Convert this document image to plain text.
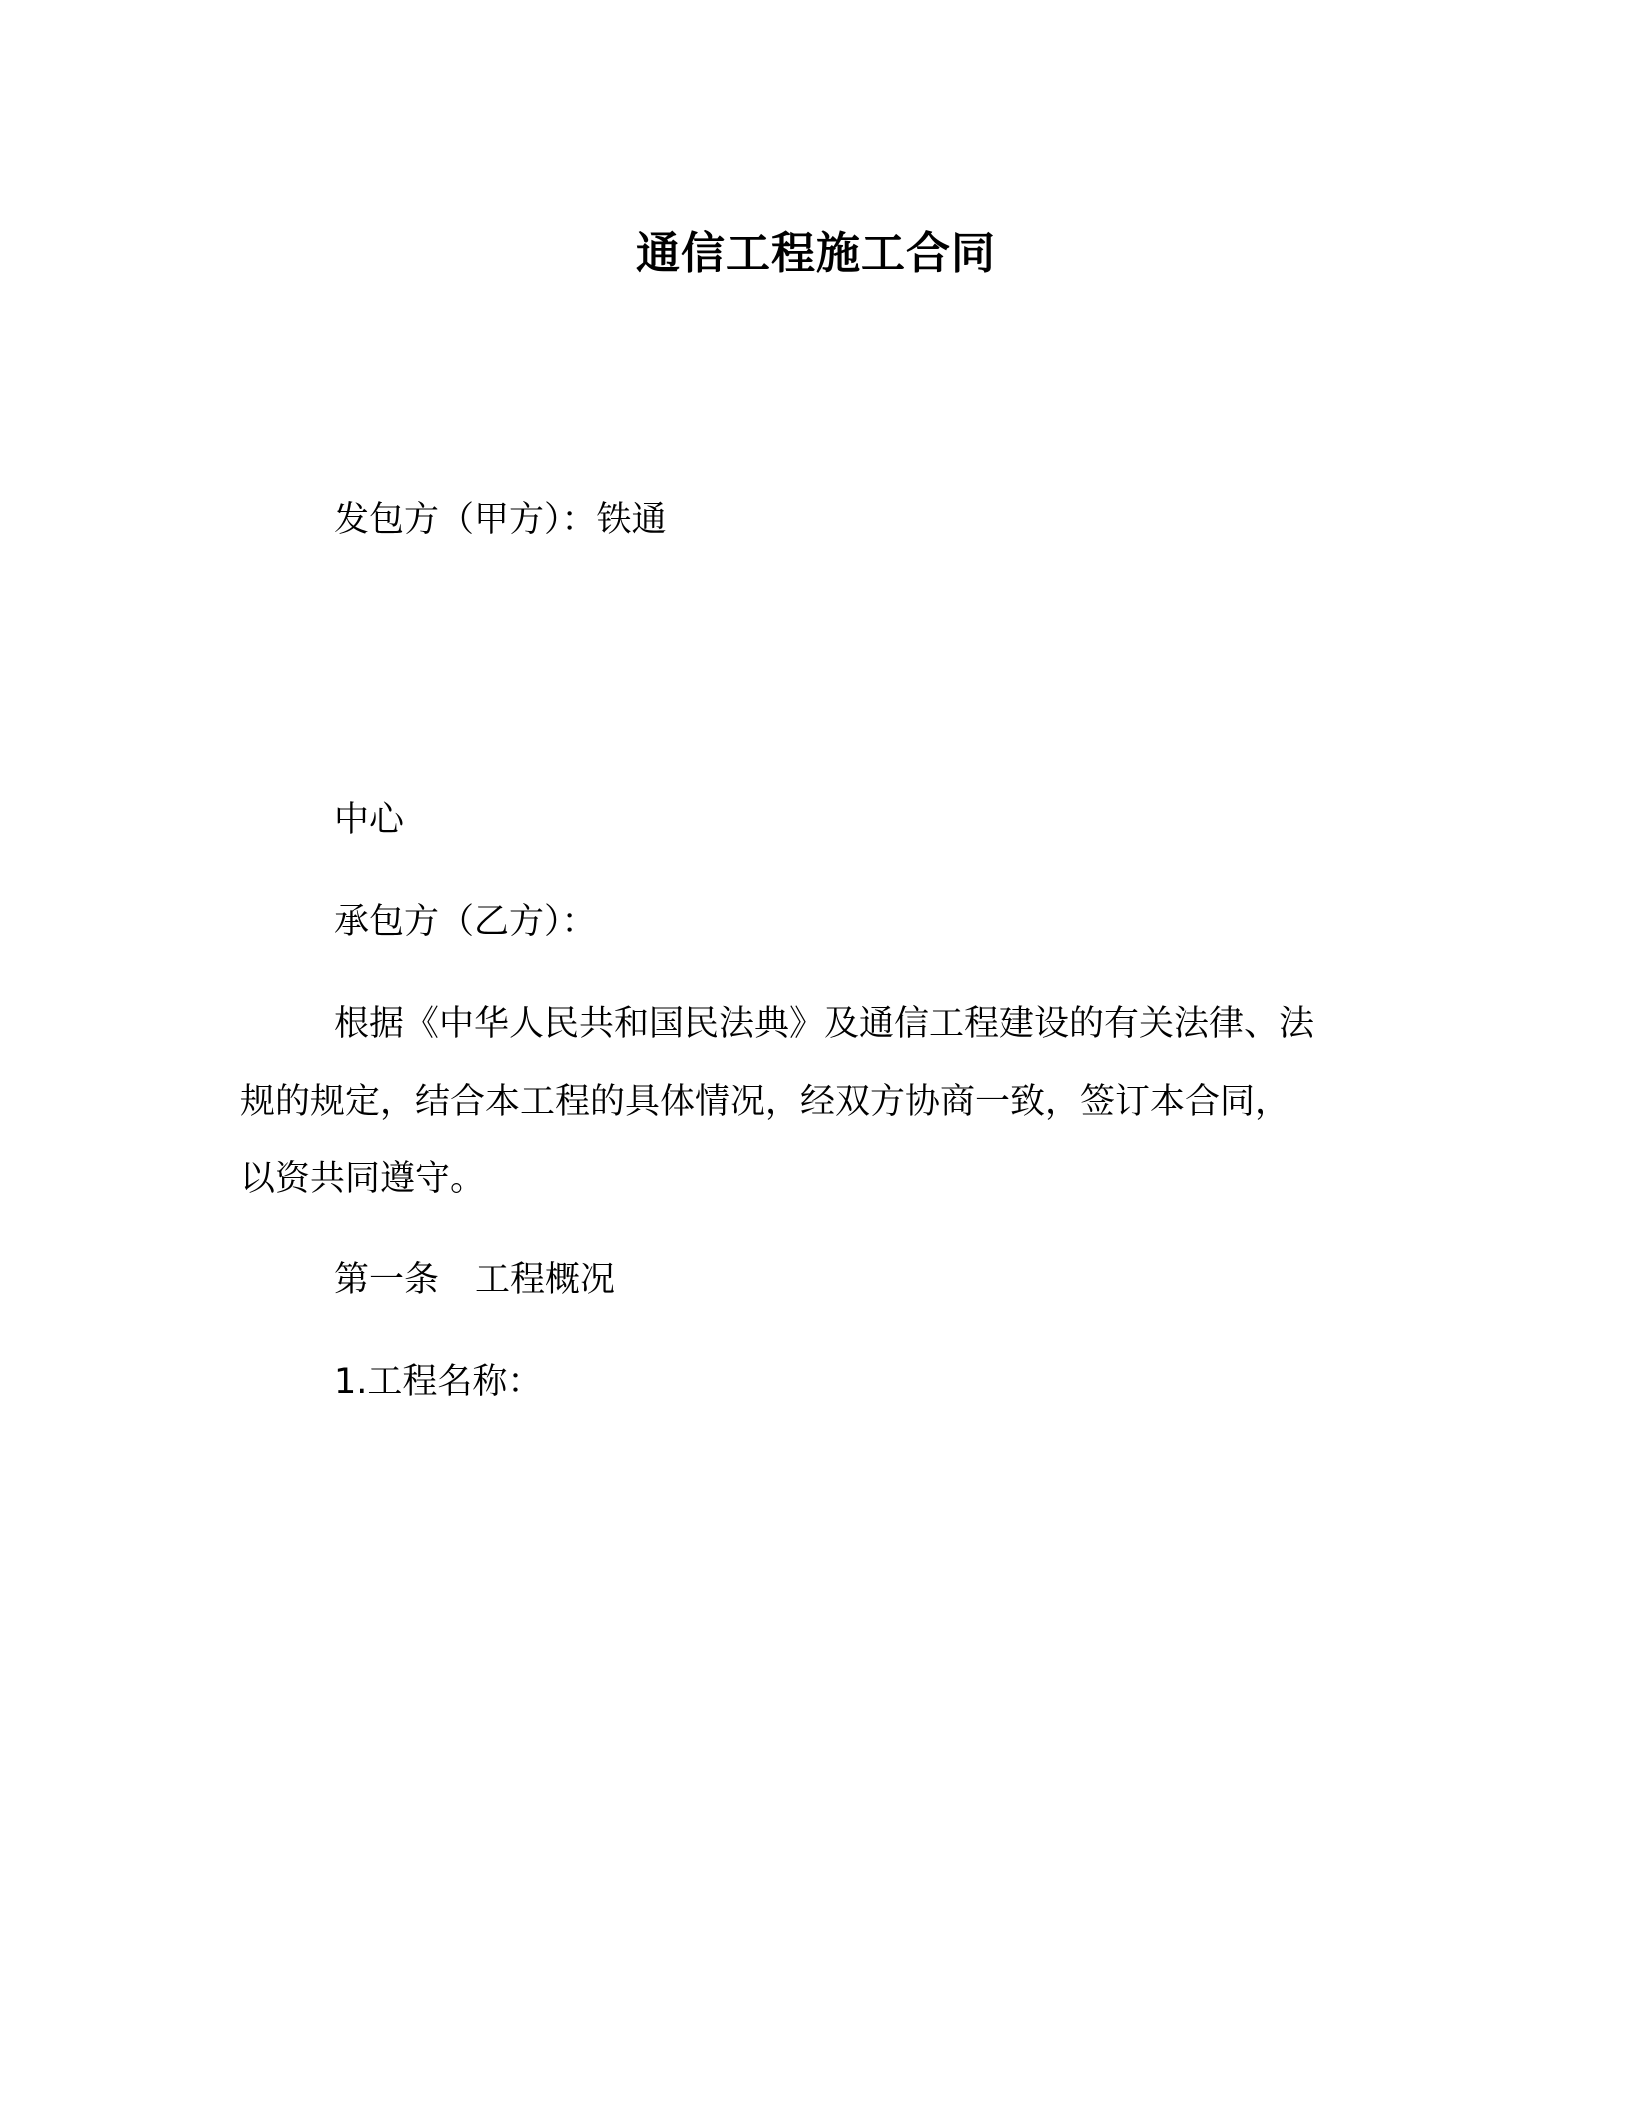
通信工程施工合同
发包方（甲方）：铁通
中心
承包方（乙方）：
根据《中华人民共和国民法典》及通信工程建设的有关法律、法
规的规定，结合本工程的具体情况，经双方协商一致，签订本合同，
以资共同遵守。
第一条 工程概况
1.工程名称：
